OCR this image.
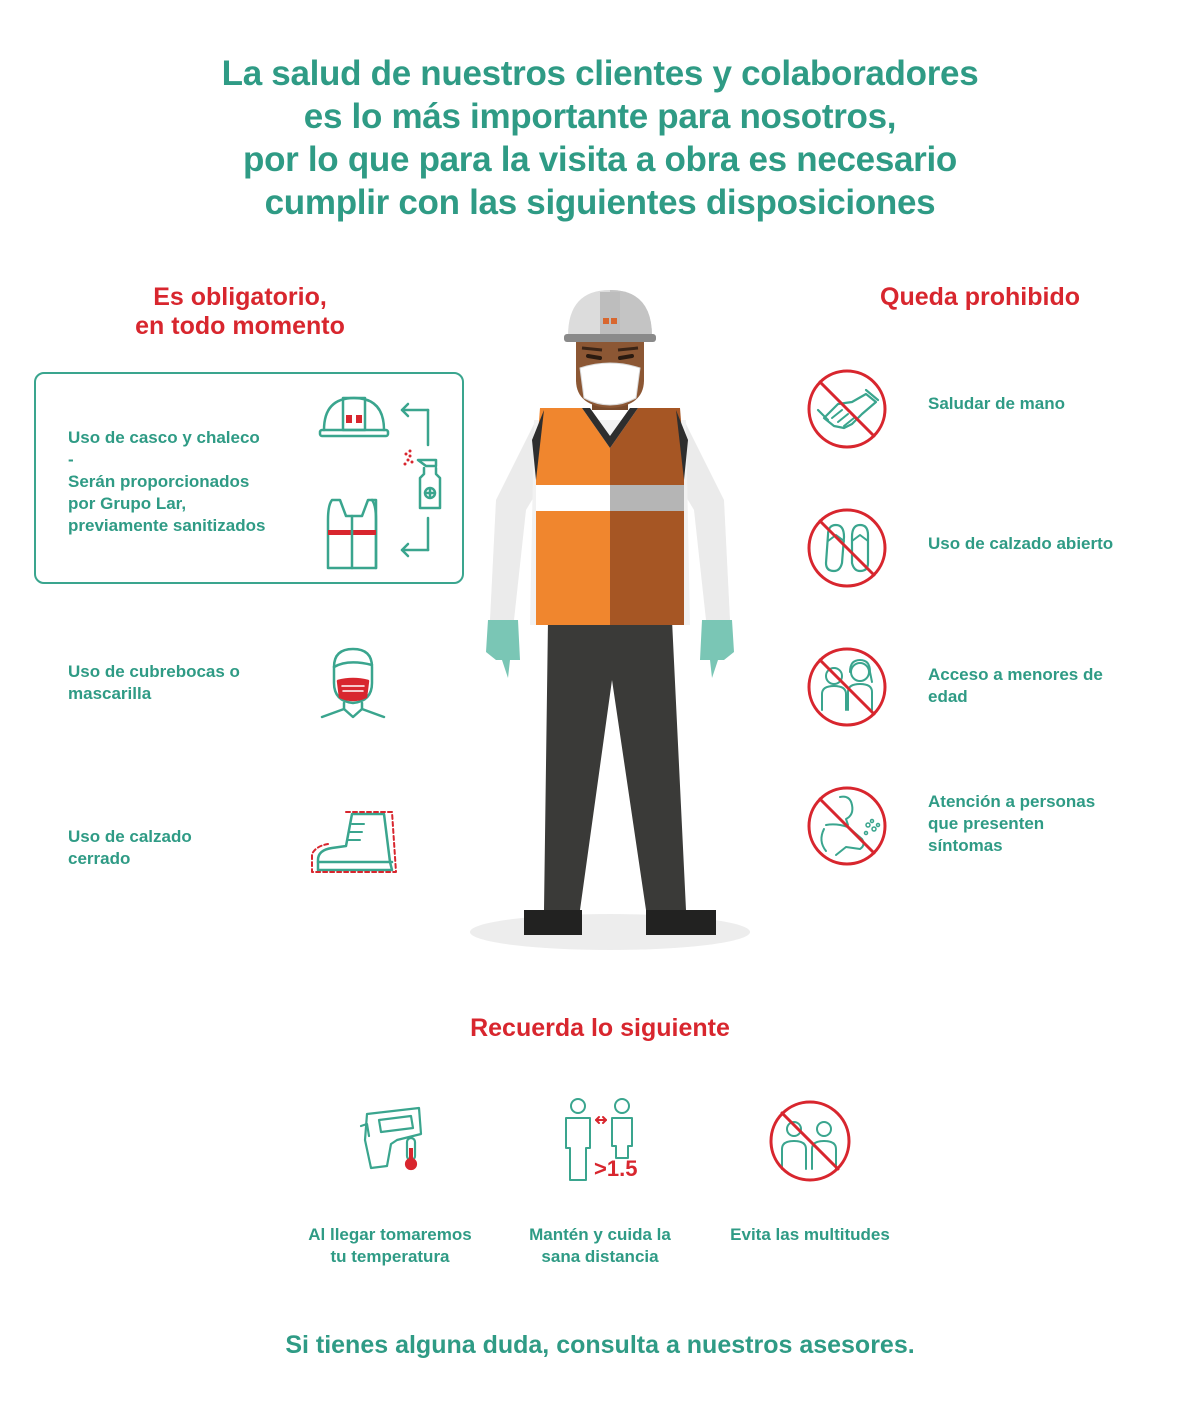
La salud de nuestros clientes y colaboradores
es lo más importante para nosotros,
por lo que para la visita a obra es necesario
cumplir con las siguientes disposiciones
Es obligatorio,
en todo momento
Queda prohibido
Uso de casco y chaleco
-
Serán proporcionados
por Grupo Lar,
previamente sanitizados
Uso de cubrebocas o
mascarilla
Uso de calzado
cerrado
Saludar de mano
Uso de calzado abierto
Acceso a menores de
edad
Atención a personas
que presenten
síntomas
Recuerda lo siguiente
Al llegar tomaremos
tu temperatura
>1.5
Mantén y cuida la
sana distancia
Evita las multitudes
Si tienes alguna duda, consulta a nuestros asesores.
